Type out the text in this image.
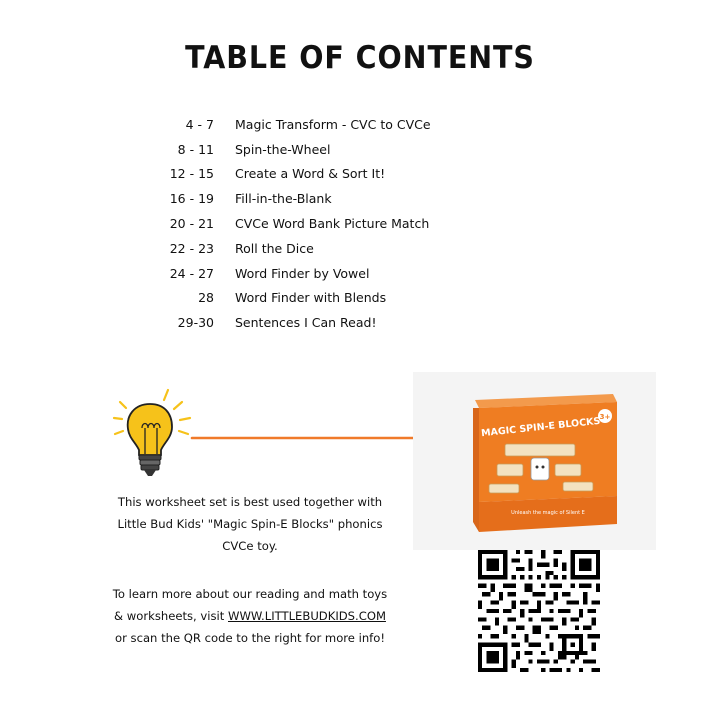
TABLE OF CONTENTS
4 - 7 Magic Transform - CVC to CVCe
8 - 11 Spin-the-Wheel
12 - 15 Create a Word & Sort It!
16 - 19 Fill-in-the-Blank
20 - 21 CVCe Word Bank Picture Match
22 - 23 Roll the Dice
24 - 27 Word Finder by Vowel
28 Word Finder with Blends
29-30 Sentences I Can Read!
This worksheet set is best used together with
Little Bud Kids' "Magic Spin-E Blocks" phonics
CVCe toy.
To learn more about our reading and math toys
& worksheets, visit WWW.LITTLEBUDKIDS.COM
or scan the QR code to the right for more info!
3+
MAGIC SPIN-E BLOCKS
Unleash the magic of Silent E
